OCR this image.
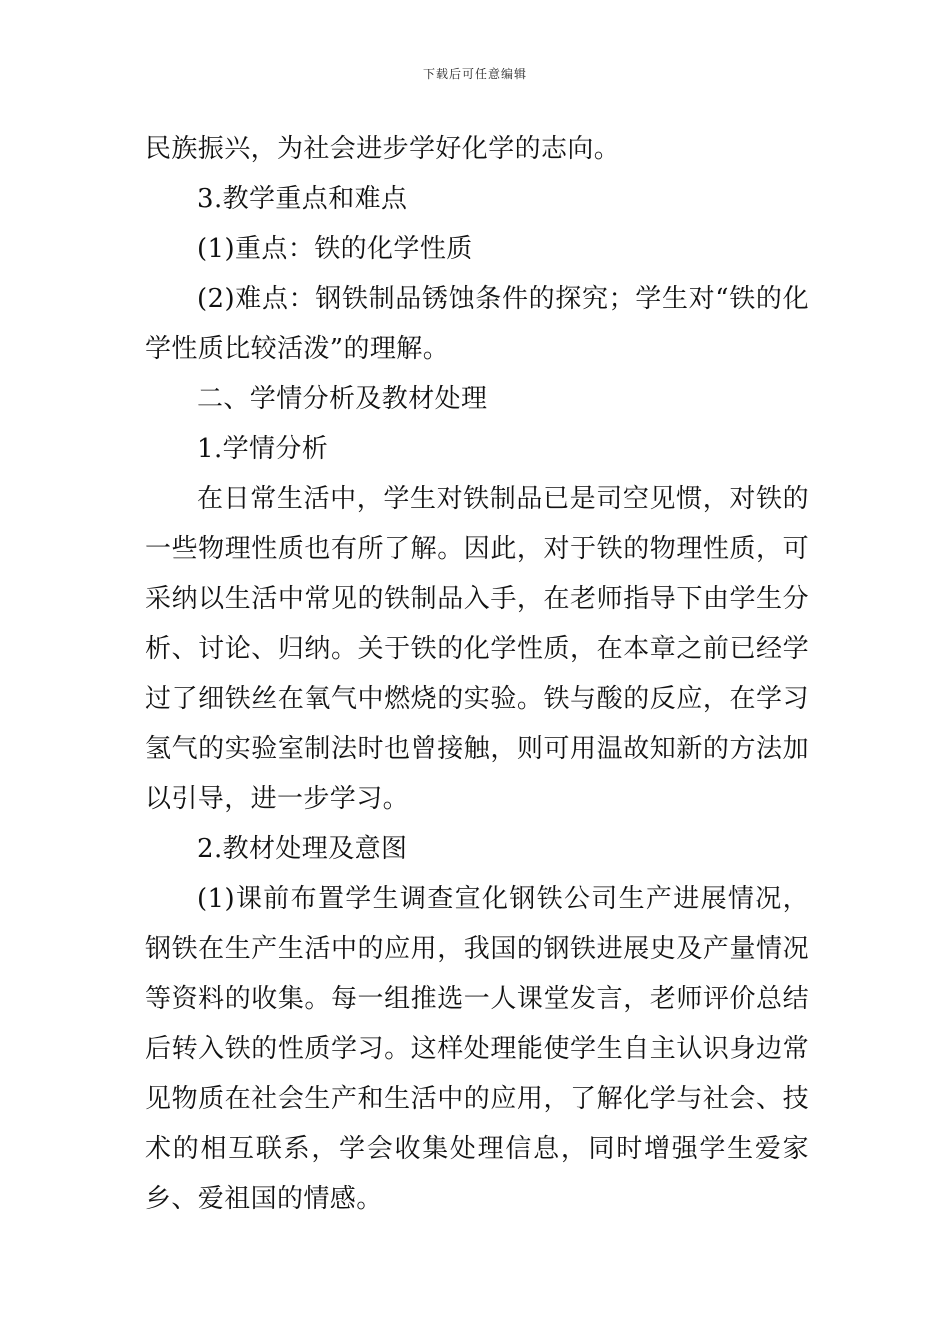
下载后可任意编辑

民族振兴，为社会进步学好化学的志向。

3.教学重点和难点

(1)重点：铁的化学性质

(2)难点：钢铁制品锈蚀条件的探究；学生对“铁的化学性质比较活泼”的理解。

二、学情分析及教材处理

1.学情分析

在日常生活中，学生对铁制品已是司空见惯，对铁的一些物理性质也有所了解。因此，对于铁的物理性质，可采纳以生活中常见的铁制品入手，在老师指导下由学生分析、讨论、归纳。关于铁的化学性质，在本章之前已经学过了细铁丝在氧气中燃烧的实验。铁与酸的反应，在学习氢气的实验室制法时也曾接触，则可用温故知新的方法加以引导，进一步学习。

2.教材处理及意图

(1)课前布置学生调查宣化钢铁公司生产进展情况，钢铁在生产生活中的应用，我国的钢铁进展史及产量情况等资料的收集。每一组推选一人课堂发言，老师评价总结后转入铁的性质学习。这样处理能使学生自主认识身边常见物质在社会生产和生活中的应用，了解化学与社会、技术的相互联系，学会收集处理信息，同时增强学生爱家乡、爱祖国的情感。
